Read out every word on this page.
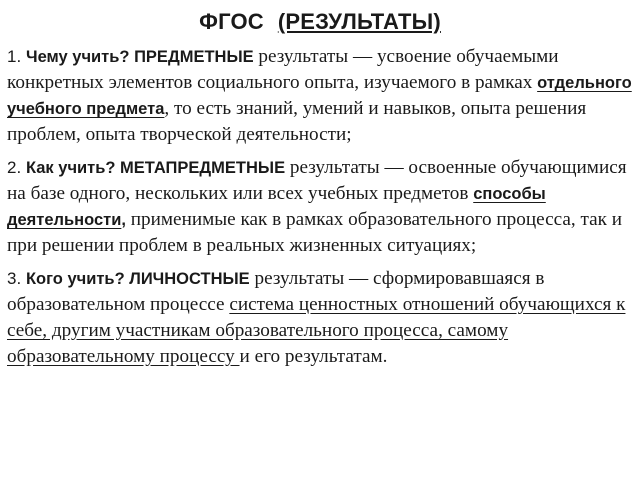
ФГОС (РЕЗУЛЬТАТЫ)
1. Чему учить? ПРЕДМЕТНЫЕ результаты — усвоение обучаемыми конкретных элементов социального опыта, изучаемого в рамках отдельного учебного предмета, то есть знаний, умений и навыков, опыта решения проблем, опыта творческой деятельности;
2. Как учить? МЕТАПРЕДМЕТНЫЕ результаты — освоенные обучающимися на базе одного, нескольких или всех учебных предметов способы деятельности, применимые как в рамках образовательного процесса, так и при решении проблем в реальных жизненных ситуациях;
3. Кого учить? ЛИЧНОСТНЫЕ результаты — сформировавшаяся в образовательном процессе система ценностных отношений обучающихся к себе, другим участникам образовательного процесса, самому образовательному процессу и его результатам.
